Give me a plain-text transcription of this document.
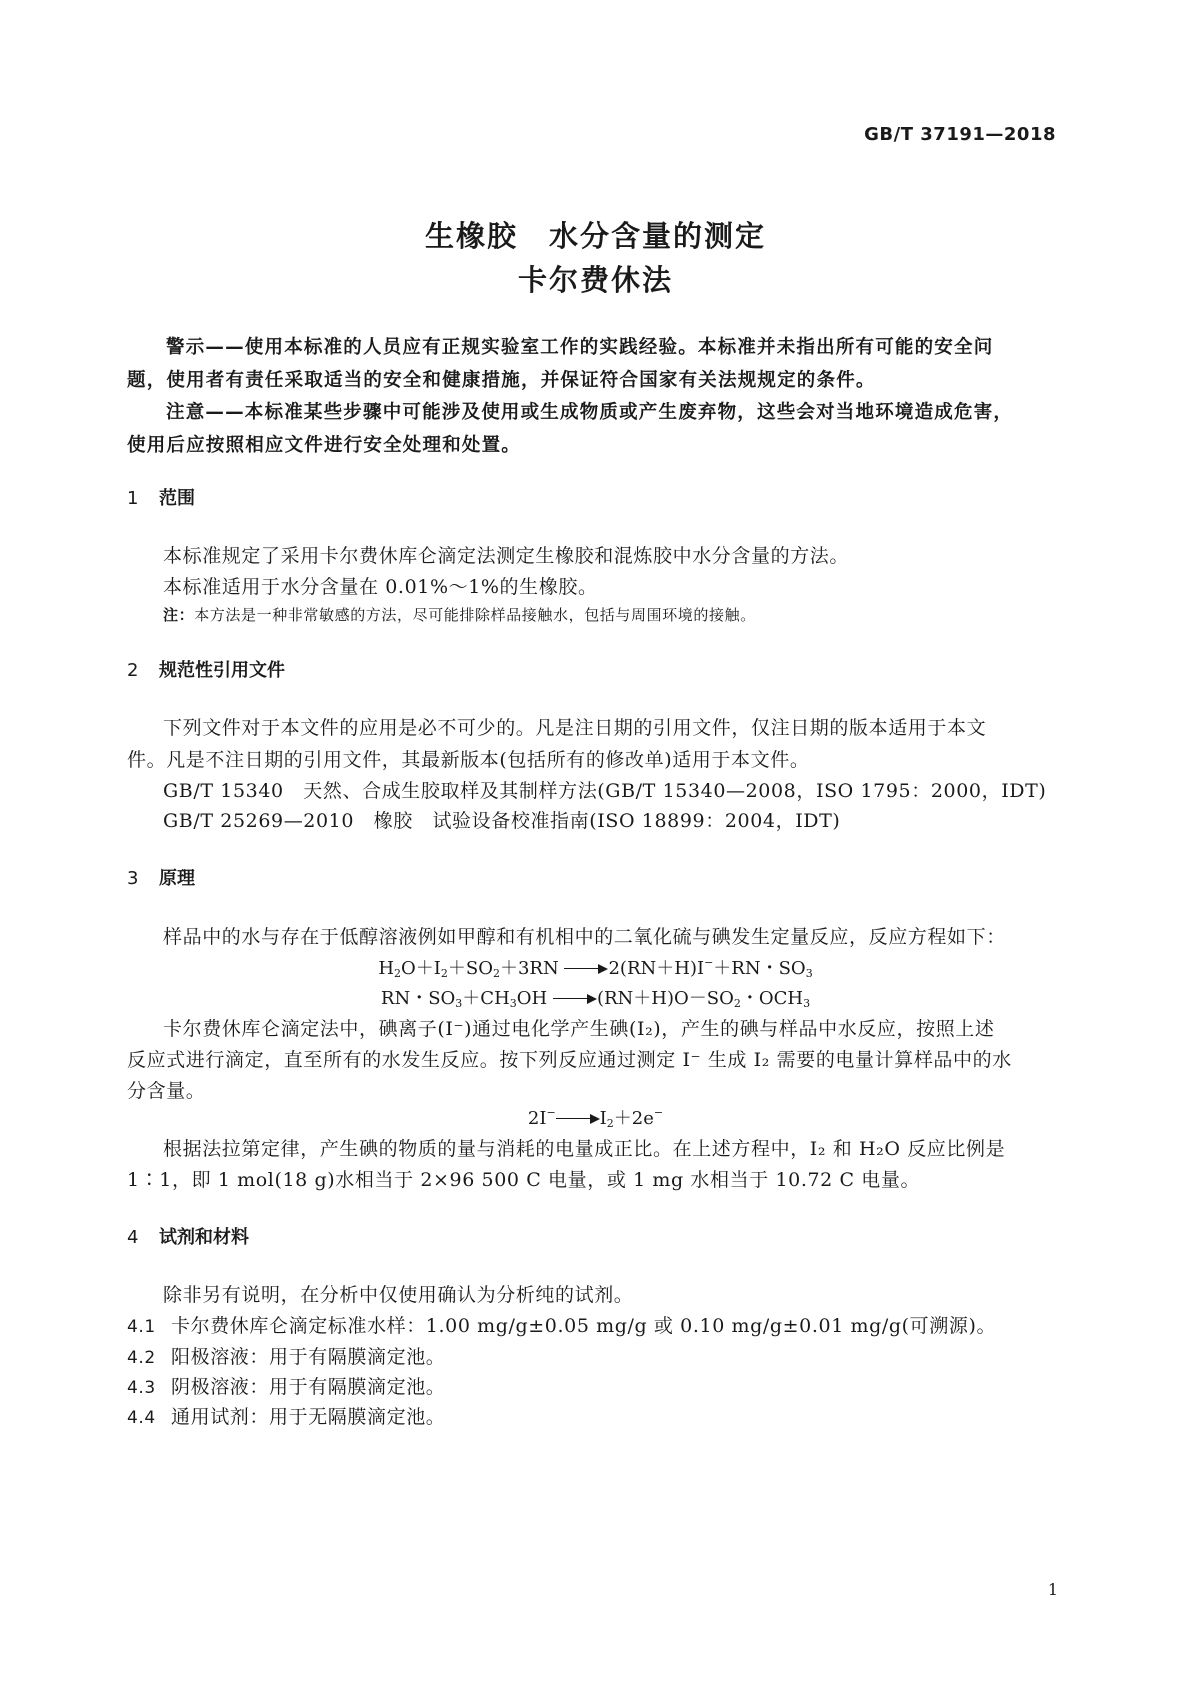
GB/T 37191—2018
生橡胶　水分含量的测定
卡尔费休法
警示——使用本标准的人员应有正规实验室工作的实践经验。本标准并未指出所有可能的安全问
题，使用者有责任采取适当的安全和健康措施，并保证符合国家有关法规规定的条件。
注意——本标准某些步骤中可能涉及使用或生成物质或产生废弃物，这些会对当地环境造成危害，
使用后应按照相应文件进行安全处理和处置。
1 范围
本标准规定了采用卡尔费休库仑滴定法测定生橡胶和混炼胶中水分含量的方法。
本标准适用于水分含量在 0.01%～1%的生橡胶。
注：本方法是一种非常敏感的方法，尽可能排除样品接触水，包括与周围环境的接触。
2 规范性引用文件
下列文件对于本文件的应用是必不可少的。凡是注日期的引用文件，仅注日期的版本适用于本文
件。凡是不注日期的引用文件，其最新版本(包括所有的修改单)适用于本文件。
GB/T 15340　天然、合成生胶取样及其制样方法(GB/T 15340—2008，ISO 1795：2000，IDT)
GB/T 25269—2010　橡胶　试验设备校准指南(ISO 18899：2004，IDT)
3 原理
样品中的水与存在于低醇溶液例如甲醇和有机相中的二氧化硫与碘发生定量反应，反应方程如下：
$H_2O+I_2+SO_2+3RN$ 2(RN＋H)I−＋RN・$SO_3$
RN・$SO_3+CH_3OH$ $(RN+H)O-SO_2$・$OCH_3$
卡尔费休库仑滴定法中，碘离子(I⁻)通过电化学产生碘(I₂)，产生的碘与样品中水反应，按照上述
反应式进行滴定，直至所有的水发生反应。按下列反应通过测定 I⁻ 生成 I₂ 需要的电量计算样品中的水
分含量。
2I− $I_2+2e^-$
根据法拉第定律，产生碘的物质的量与消耗的电量成正比。在上述方程中，I₂ 和 H₂O 反应比例是
1∶1，即 1 mol(18 g)水相当于 2×96 500 C 电量，或 1 mg 水相当于 10.72 C 电量。
4 试剂和材料
除非另有说明，在分析中仅使用确认为分析纯的试剂。
4.1 卡尔费休库仑滴定标准水样：1.00 mg/g±0.05 mg/g 或 0.10 mg/g±0.01 mg/g(可溯源)。
4.2 阳极溶液：用于有隔膜滴定池。
4.3 阴极溶液：用于有隔膜滴定池。
4.4 通用试剂：用于无隔膜滴定池。
1
